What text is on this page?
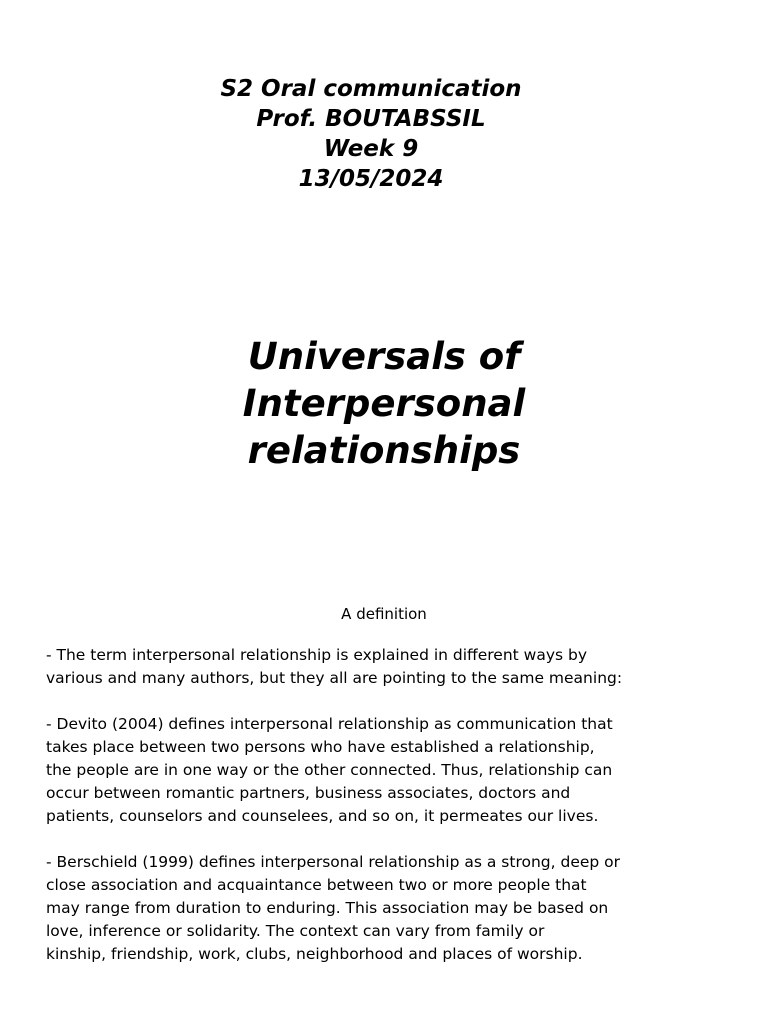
S2 Oral communication
Prof. BOUTABSSIL
Week 9
13/05/2024
Universals of
Interpersonal
relationships
A definition
- The term interpersonal relationship is explained in different ways by
various and many authors, but they all are pointing to the same meaning:
- Devito (2004) defines interpersonal relationship as communication that
takes place between two persons who have established a relationship,
the people are in one way or the other connected. Thus, relationship can
occur between romantic partners, business associates, doctors and
patients, counselors and counselees, and so on, it permeates our lives.
- Berschield (1999) defines interpersonal relationship as a strong, deep or
close association and acquaintance between two or more people that
may range from duration to enduring. This association may be based on
love, inference or solidarity. The context can vary from family or
kinship, friendship, work, clubs, neighborhood and places of worship.
